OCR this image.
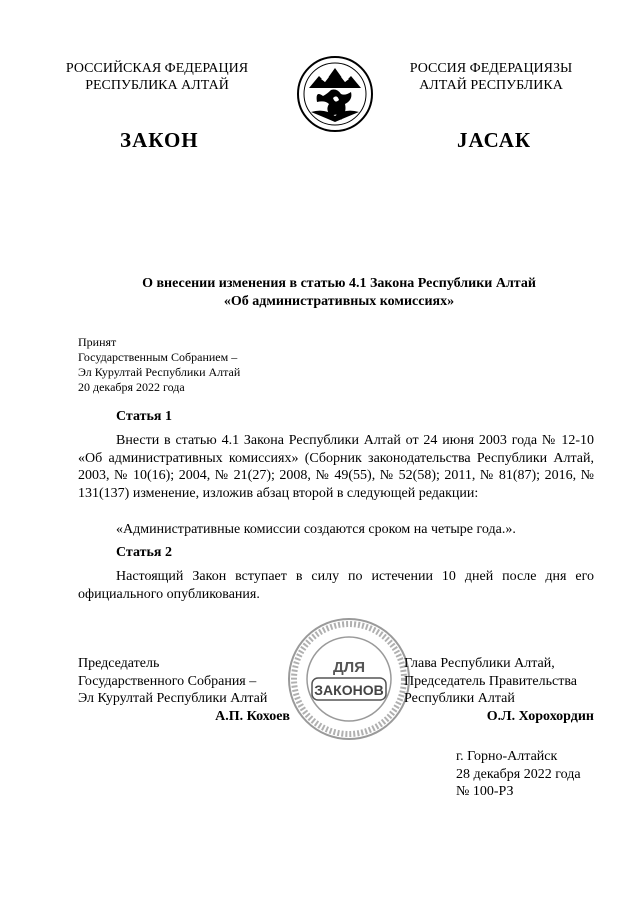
РОССИЙСКАЯ ФЕДЕРАЦИЯ
РЕСПУБЛИКА АЛТАЙ
РОССИЯ ФЕДЕРАЦИЯЗЫ
АЛТАЙ РЕСПУБЛИКА
ЗАКОН	JАСАК
О внесении изменения в статью 4.1 Закона Республики Алтай
«Об административных комиссиях»
Принят
Государственным Собранием –
Эл Курултай Республики Алтай
20 декабря 2022 года
Статья 1
Внести в статью 4.1 Закона Республики Алтай от 24 июня 2003 года № 12-10 «Об административных комиссиях» (Сборник законодательства Республики Алтай, 2003, № 10(16); 2004, № 21(27); 2008, № 49(55), № 52(58); 2011, № 81(87); 2016, № 131(137) изменение, изложив абзац второй в следующей редакции:
«Административные комиссии создаются сроком на четыре года.».
Статья 2
Настоящий Закон вступает в силу по истечении 10 дней после дня его официального опубликования.
Председатель
Государственного Собрания –
Эл Курултай Республики Алтай
А.П. Кохоев
ДЛЯ
ЗАКОНОВ
Глава Республики Алтай,
Председатель Правительства
Республики Алтай
О.Л. Хорохордин
г. Горно-Алтайск
28 декабря 2022 года
№ 100-РЗ
